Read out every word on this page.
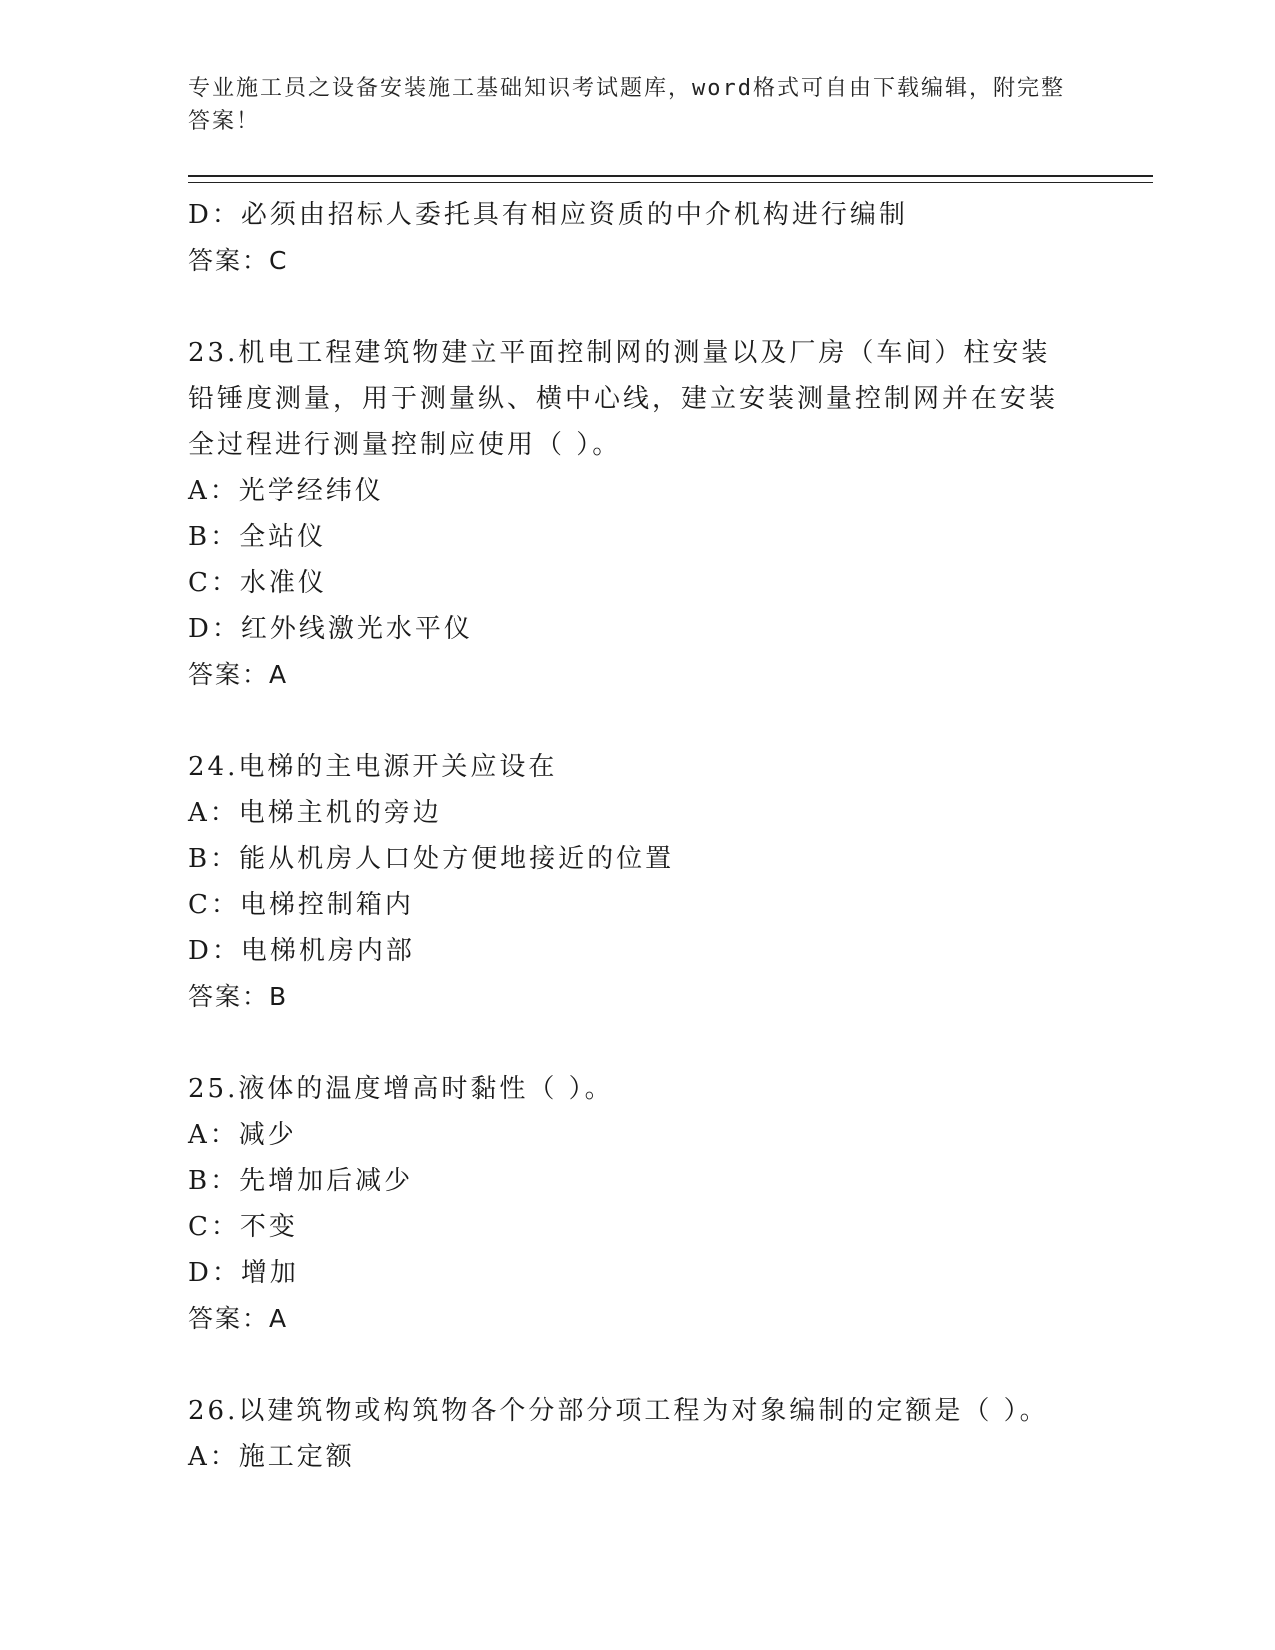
专业施工员之设备安装施工基础知识考试题库，word格式可自由下载编辑，附完整答案！

D：必须由招标人委托具有相应资质的中介机构进行编制
答案：C
23.机电工程建筑物建立平面控制网的测量以及厂房（车间）柱安装铅锤度测量，用于测量纵、横中心线，建立安装测量控制网并在安装全过程进行测量控制应使用（ ）。
A：光学经纬仪
B：全站仪
C：水准仪
D：红外线激光水平仪
答案：A
24.电梯的主电源开关应设在
A：电梯主机的旁边
B：能从机房人口处方便地接近的位置
C：电梯控制箱内
D：电梯机房内部
答案：B
25.液体的温度增高时黏性（ ）。
A：减少
B：先增加后减少
C：不变
D：增加
答案：A
26.以建筑物或构筑物各个分部分项工程为对象编制的定额是（ ）。
A：施工定额
